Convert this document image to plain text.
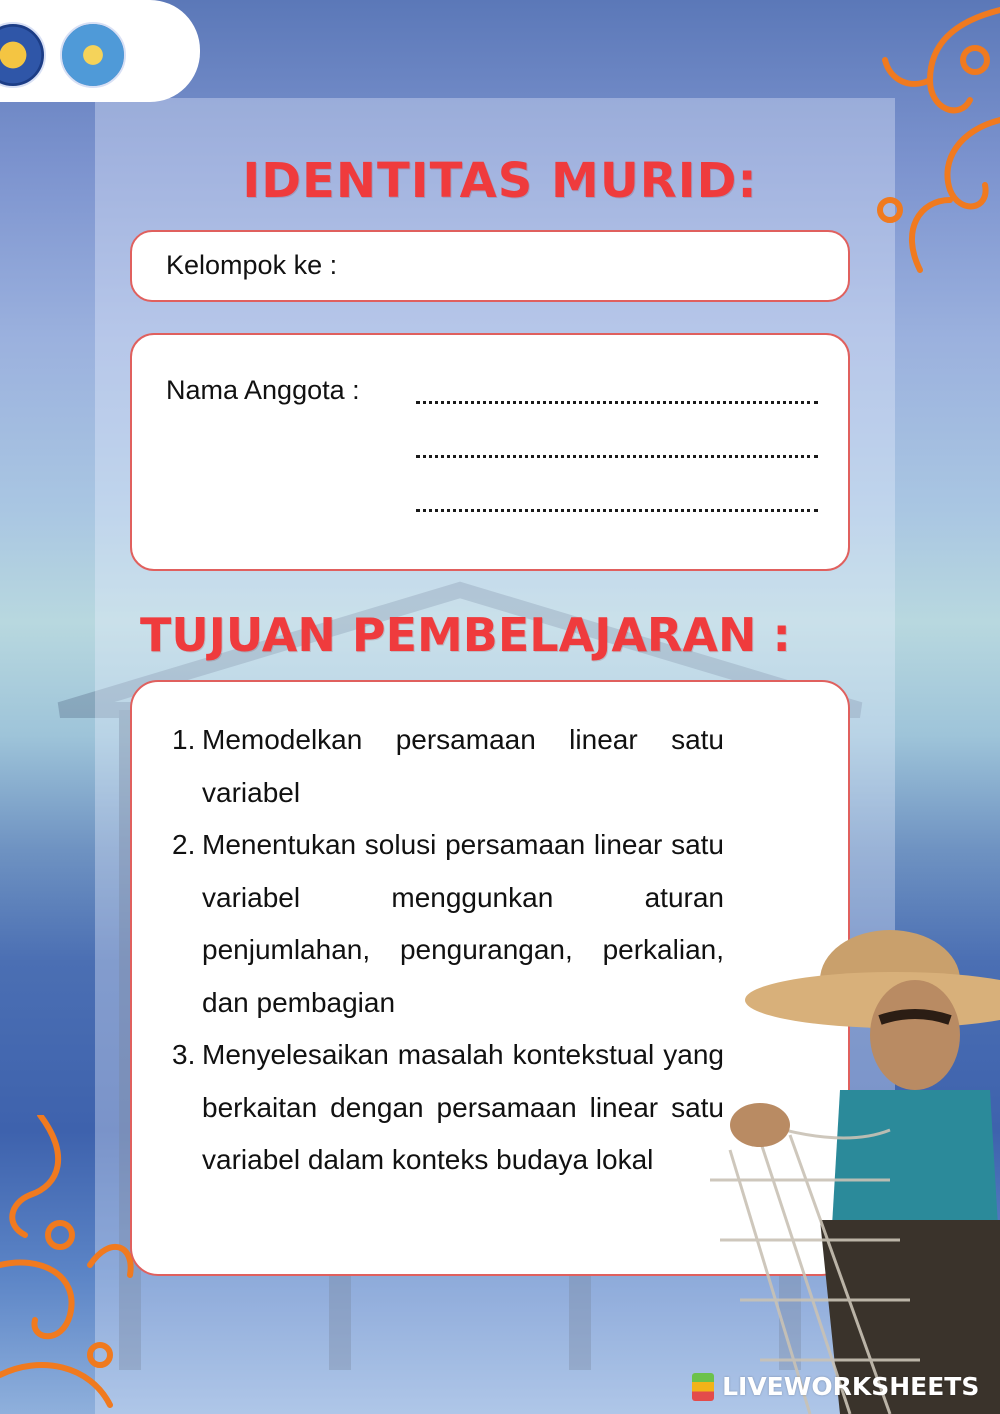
IDENTITAS MURID:
Kelompok ke :
Nama Anggota :
TUJUAN PEMBELAJARAN :
1. Memodelkan persamaan linear satu variabel
2. Menentukan solusi persamaan linear satu variabel menggunkan aturan penjumlahan, pengurangan, perkalian, dan pembagian
3. Menyelesaikan masalah kontekstual yang berkaitan dengan persamaan linear satu variabel dalam konteks budaya lokal
LIVEWORKSHEETS
